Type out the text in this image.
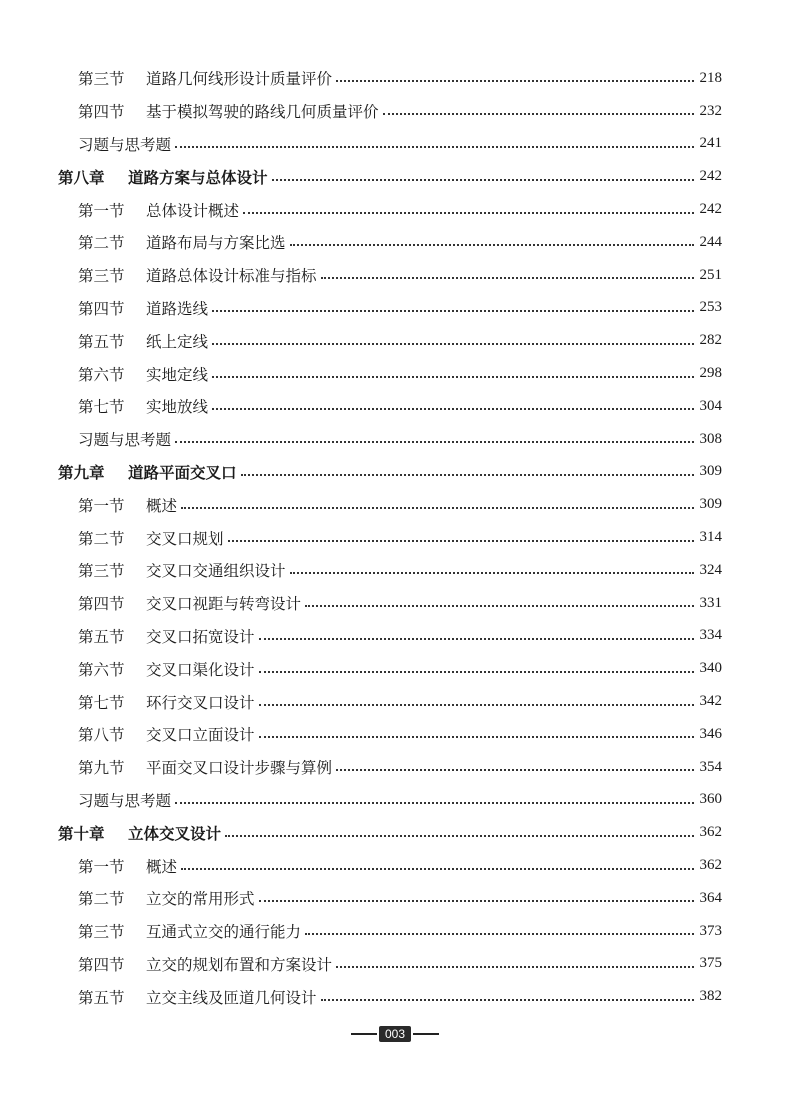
第三节	道路几何线形设计质量评价	218
第四节	基于模拟驾驶的路线几何质量评价	232
习题与思考题	241
第八章	道路方案与总体设计	242
第一节	总体设计概述	242
第二节	道路布局与方案比选	244
第三节	道路总体设计标准与指标	251
第四节	道路选线	253
第五节	纸上定线	282
第六节	实地定线	298
第七节	实地放线	304
习题与思考题	308
第九章	道路平面交叉口	309
第一节	概述	309
第二节	交叉口规划	314
第三节	交叉口交通组织设计	324
第四节	交叉口视距与转弯设计	331
第五节	交叉口拓宽设计	334
第六节	交叉口渠化设计	340
第七节	环行交叉口设计	342
第八节	交叉口立面设计	346
第九节	平面交叉口设计步骤与算例	354
习题与思考题	360
第十章	立体交叉设计	362
第一节	概述	362
第二节	立交的常用形式	364
第三节	互通式立交的通行能力	373
第四节	立交的规划布置和方案设计	375
第五节	立交主线及匝道几何设计	382
003
